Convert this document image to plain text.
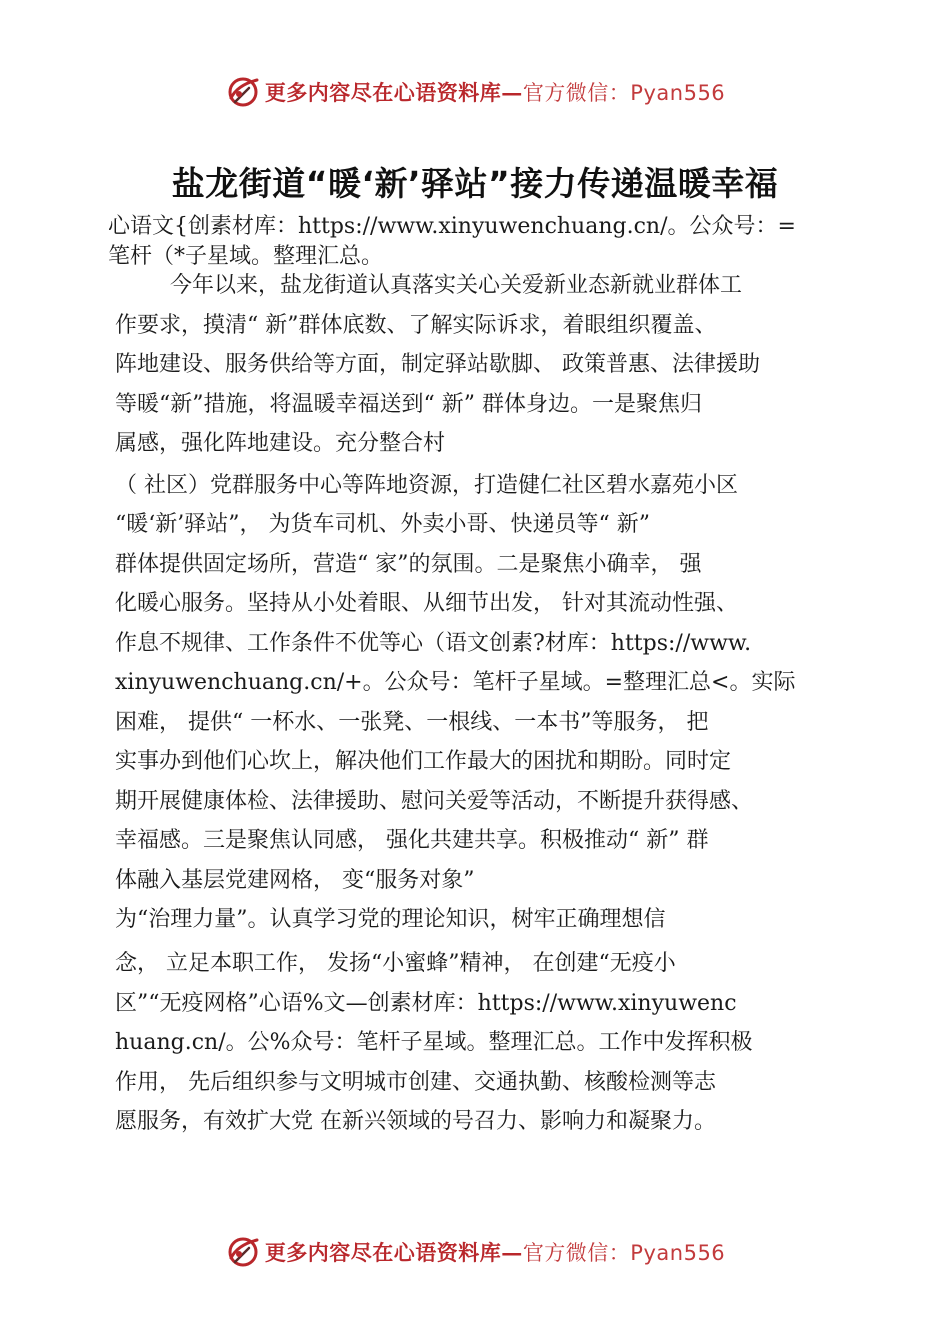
更多内容尽在心语资料库—官方微信：Pyan556
盐龙街道“暖‘新’驿站”接力传递温暖幸福
心语文{创素材库：https://www.xinyuwenchuang.cn/。公众号：=
笔杆（*子星域。整理汇总。
今年以来，盐龙街道认真落实关心关爱新业态新就业群体工
作要求，摸清“ 新”群体底数、了解实际诉求，着眼组织覆盖、
阵地建设、服务供给等方面，制定驿站歇脚、 政策普惠、法律援助
等暖“新”措施，将温暖幸福送到“ 新” 群体身边。一是聚焦归
属感，强化阵地建设。充分整合村
（ 社区）党群服务中心等阵地资源，打造健仁社区碧水嘉苑小区
“暖‘新’驿站”， 为货车司机、外卖小哥、快递员等“ 新”
群体提供固定场所，营造“ 家”的氛围。二是聚焦小确幸， 强
化暖心服务。坚持从小处着眼、从细节出发， 针对其流动性强、
作息不规律、工作条件不优等心（语文创素?材库：https://www.
xinyuwenchuang.cn/+。公众号：笔杆子星域。=整理汇总<。实际
困难， 提供“ 一杯水、一张凳、一根线、一本书”等服务， 把
实事办到他们心坎上，解决他们工作最大的困扰和期盼。同时定
期开展健康体检、法律援助、慰问关爱等活动，不断提升获得感、
幸福感。三是聚焦认同感， 强化共建共享。积极推动“ 新” 群
体融入基层党建网格， 变“服务对象”
为“治理力量”。认真学习党的理论知识，树牢正确理想信
念， 立足本职工作， 发扬“小蜜蜂”精神， 在创建“无疫小
区”“无疫网格”心语%文—创素材库：https://www.xinyuwenc
huang.cn/。公%众号：笔杆子星域。整理汇总。工作中发挥积极
作用， 先后组织参与文明城市创建、交通执勤、核酸检测等志
愿服务，有效扩大党 在新兴领域的号召力、影响力和凝聚力。
更多内容尽在心语资料库—官方微信：Pyan556
